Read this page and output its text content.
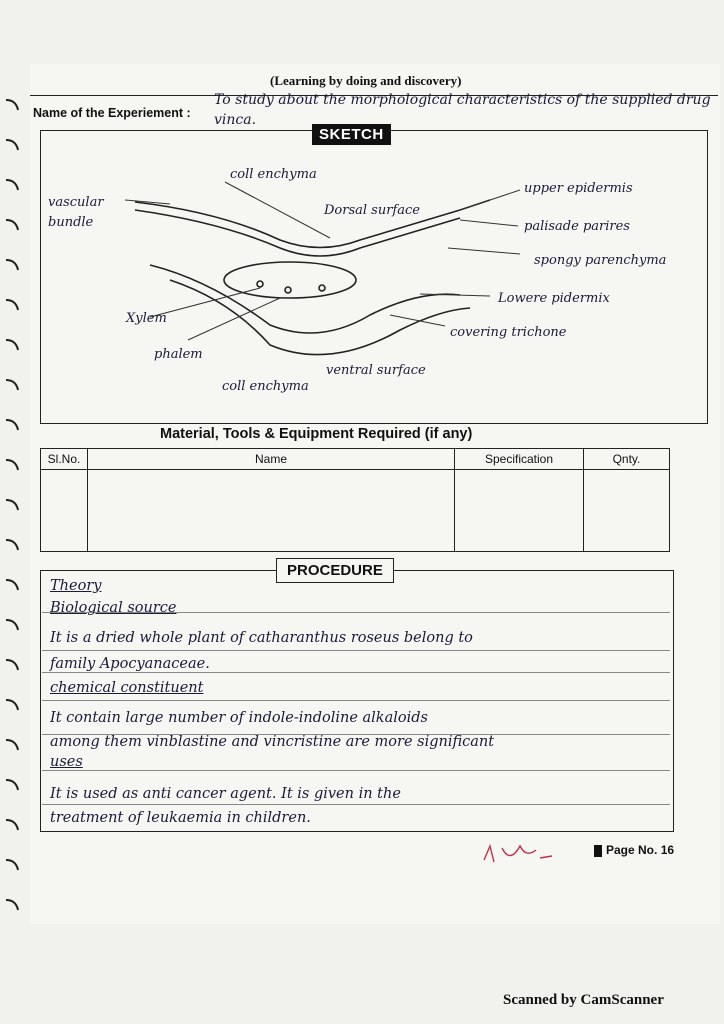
(Learning by doing and discovery)
Name of the Experiement :
To study about the morphological characteristics of the supplied drug vinca.
coll enchyma
Dorsal surface
vascular
bundle
upper epidermis
palisade parires
spongy parenchyma
Lowere pidermix
Xylem
phalem
covering trichone
coll enchyma
ventral surface
SKETCH
Material, Tools & Equipment Required (if any)
Sl.No.	Name	Specification	Qnty.

PROCEDURE
Theory
Biological source
It is a dried whole plant of catharanthus roseus belong to
family Apocyanaceae.
chemical constituent
It contain large number of indole-indoline alkaloids
among them vinblastine and vincristine are more significant
uses
It is used as anti cancer agent. It is given in the
treatment of leukaemia in children.
Page No. 16
Scanned by CamScanner
